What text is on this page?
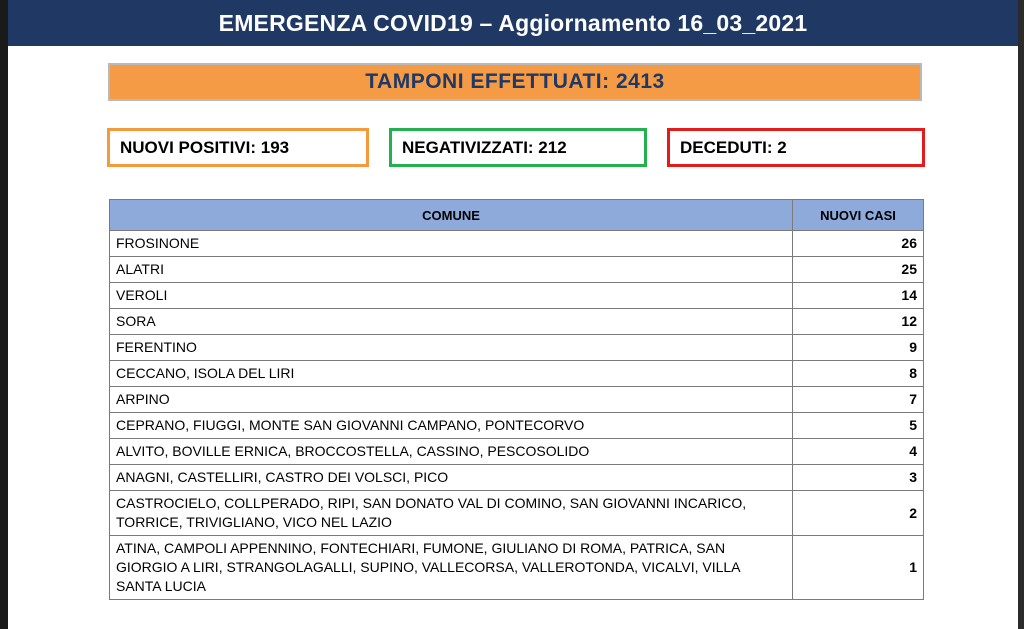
EMERGENZA COVID19 – Aggiornamento 16_03_2021
TAMPONI EFFETTUATI: 2413
NUOVI POSITIVI: 193	NEGATIVIZZATI: 212	DECEDUTI: 2
COMUNE	NUOVI CASI
FROSINONE	26
ALATRI	25
VEROLI	14
SORA	12
FERENTINO	9
CECCANO, ISOLA DEL LIRI	8
ARPINO	7
CEPRANO, FIUGGI, MONTE SAN GIOVANNI CAMPANO, PONTECORVO	5
ALVITO, BOVILLE ERNICA, BROCCOSTELLA, CASSINO, PESCOSOLIDO	4
ANAGNI, CASTELLIRI, CASTRO DEI VOLSCI, PICO	3
CASTROCIELO, COLLPERADO, RIPI, SAN DONATO VAL DI COMINO, SAN GIOVANNI INCARICO, TORRICE, TRIVIGLIANO, VICO NEL LAZIO	2
ATINA, CAMPOLI APPENNINO, FONTECHIARI, FUMONE, GIULIANO DI ROMA, PATRICA, SAN GIORGIO A LIRI, STRANGOLAGALLI, SUPINO, VALLECORSA, VALLEROTONDA, VICALVI, VILLA SANTA LUCIA	1
